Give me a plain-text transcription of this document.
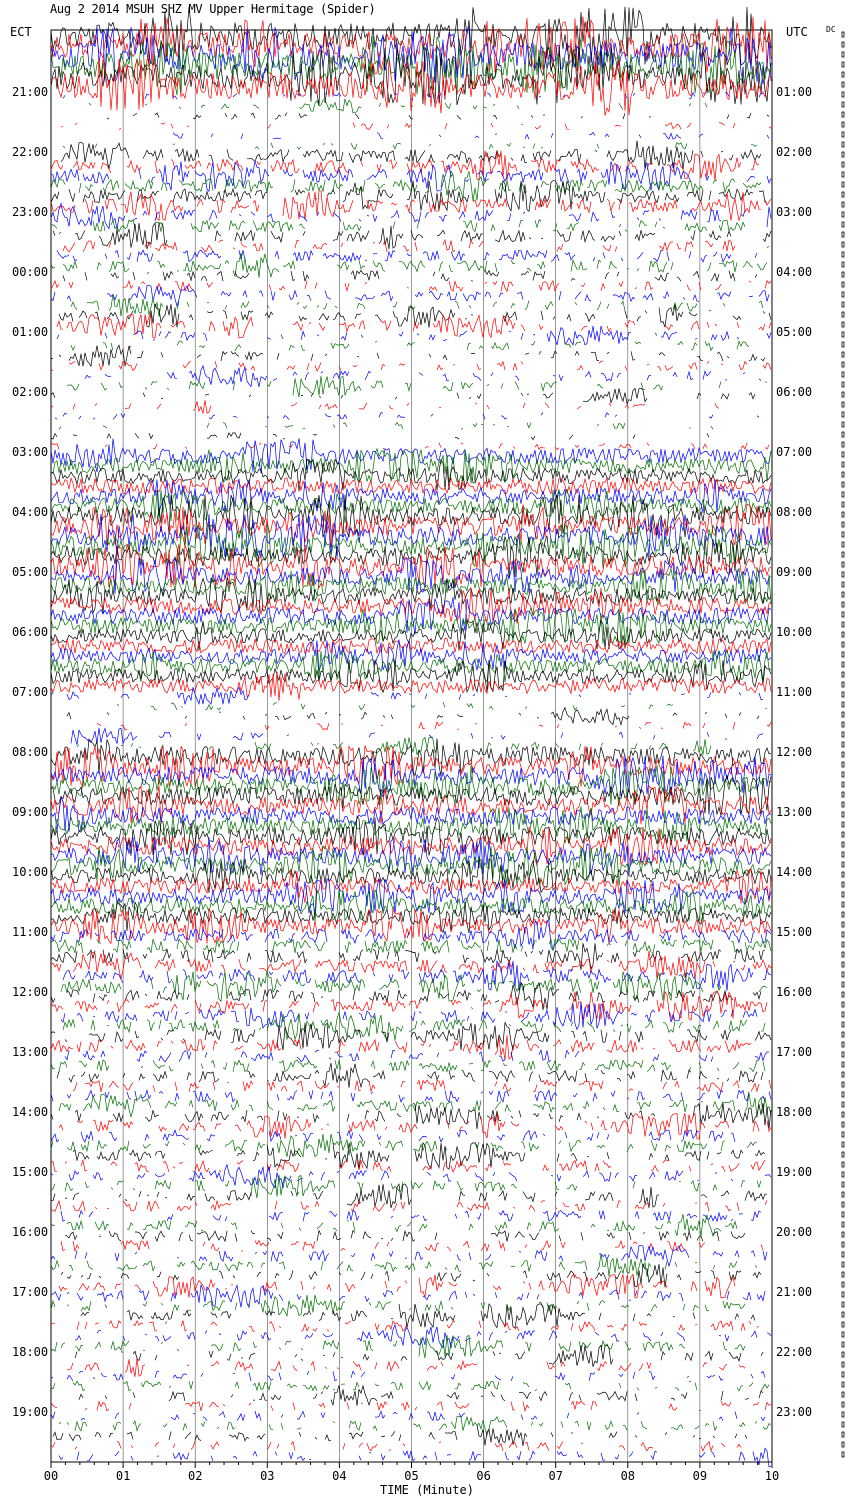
Aug 2 2014 MSUH SHZ MV Upper Hermitage (Spider)
00	01	02	03	04	05	06	07	08	09	10
21:00
22:00
23:00
00:00
01:00
02:00
03:00
04:00
05:00
06:00
07:00
08:00
09:00
10:00
11:00
12:00
13:00
14:00
15:00
16:00
17:00
18:00
19:00
01:00
02:00
03:00
04:00
05:00
06:00
07:00
08:00
09:00
10:00
11:00
12:00
13:00
14:00
15:00
16:00
17:00
18:00
19:00
20:00
21:00
22:00
23:00
ECT	UTC DC
TIME (Minute)
